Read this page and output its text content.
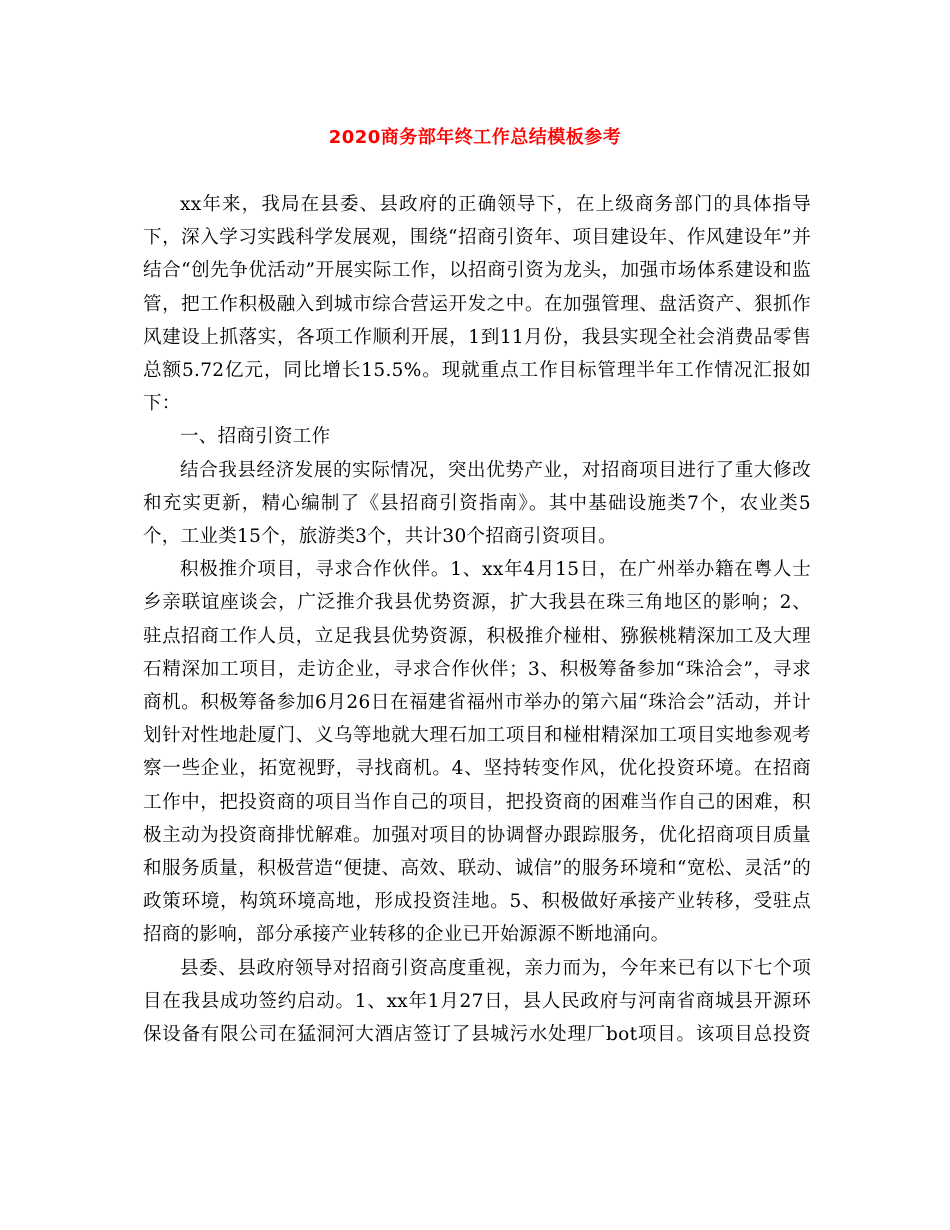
2020商务部年终工作总结模板参考

xx年来，我局在县委、县政府的正确领导下，在上级商务部门的具体指导下，深入学习实践科学发展观，围绕“招商引资年、项目建设年、作风建设年”并结合“创先争优活动”开展实际工作，以招商引资为龙头，加强市场体系建设和监管，把工作积极融入到城市综合营运开发之中。在加强管理、盘活资产、狠抓作风建设上抓落实，各项工作顺利开展，1到11月份，我县实现全社会消费品零售总额5.72亿元，同比增长15.5%。现就重点工作目标管理半年工作情况汇报如下：

一、招商引资工作

结合我县经济发展的实际情况，突出优势产业，对招商项目进行了重大修改和充实更新，精心编制了《县招商引资指南》。其中基础设施类7个，农业类5个，工业类15个，旅游类3个，共计30个招商引资项目。

积极推介项目，寻求合作伙伴。1、xx年4月15日，在广州举办籍在粤人士乡亲联谊座谈会，广泛推介我县优势资源，扩大我县在珠三角地区的影响；2、驻点招商工作人员，立足我县优势资源，积极推介椪柑、猕猴桃精深加工及大理石精深加工项目，走访企业，寻求合作伙伴；3、积极筹备参加“珠洽会”，寻求商机。积极筹备参加6月26日在福建省福州市举办的第六届“珠洽会”活动，并计划针对性地赴厦门、义乌等地就大理石加工项目和椪柑精深加工项目实地参观考察一些企业，拓宽视野，寻找商机。4、坚持转变作风，优化投资环境。在招商工作中，把投资商的项目当作自己的项目，把投资商的困难当作自己的困难，积极主动为投资商排忧解难。加强对项目的协调督办跟踪服务，优化招商项目质量和服务质量，积极营造“便捷、高效、联动、诚信”的服务环境和“宽松、灵活”的政策环境，构筑环境高地，形成投资洼地。5、积极做好承接产业转移，受驻点招商的影响，部分承接产业转移的企业已开始源源不断地涌向。

县委、县政府领导对招商引资高度重视，亲力而为，今年来已有以下七个项目在我县成功签约启动。1、xx年1月27日，县人民政府与河南省商城县开源环保设备有限公司在猛洞河大酒店签订了县城污水处理厂bot项目。该项目总投资
